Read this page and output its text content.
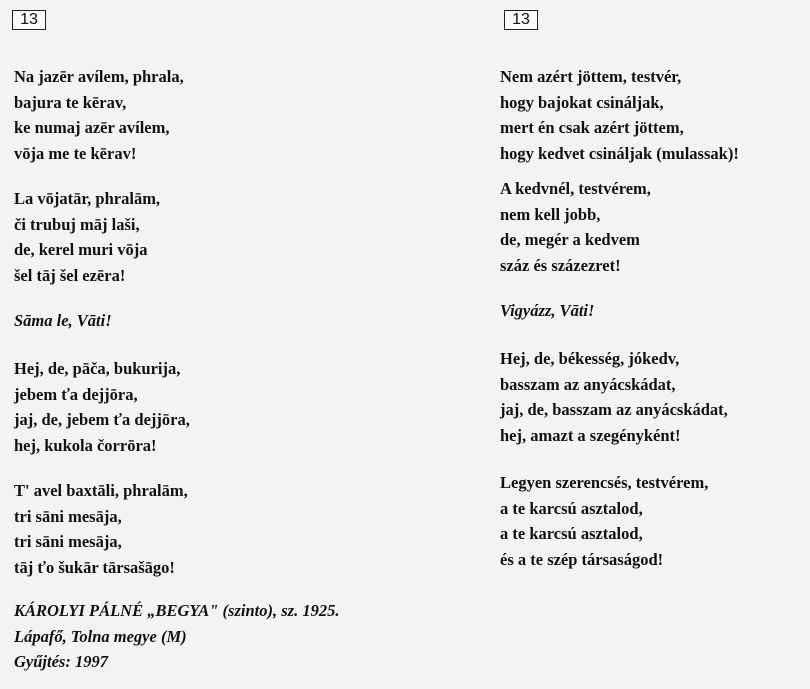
13
Na jazēr avílem, phrala,
bajura te kērav,
ke numaj azēr avílem,
vōja me te kērav!
La vōjatār, phralām,
či trubuj māj laši,
de, kerel muri vōja
šel tāj šel ezēra!
Sāma le, Vāti!
Hej, de, pāča, bukurija,
jebem ťa dejjōra,
jaj, de, jebem ťa dejjōra,
hej, kukola čorrōra!
T' avel baxtāli, phralām,
tri sāni mesāja,
tri sāni mesāja,
tāj ťo šukār tārsašāgo!
KÁROLYI PÁLNÉ „BEGYA" (szinto), sz. 1925.
Lápafő, Tolna megye (M)
Gyűjtés: 1997
13
Nem azért jöttem, testvér,
hogy bajokat csináljak,
mert én csak azért jöttem,
hogy kedvet csináljak (mulassak)!
A kedvnél, testvérem,
nem kell jobb,
de, megér a kedvem
száz és százezret!
Vigyázz, Vāti!
Hej, de, békesség, jókedv,
basszam az anyácskádat,
jaj, de, basszam az anyácskádat,
hej, amazt a szegényként!
Legyen szerencsés, testvérem,
a te karcsú asztalod,
a te karcsú asztalod,
és a te szép társaságod!
